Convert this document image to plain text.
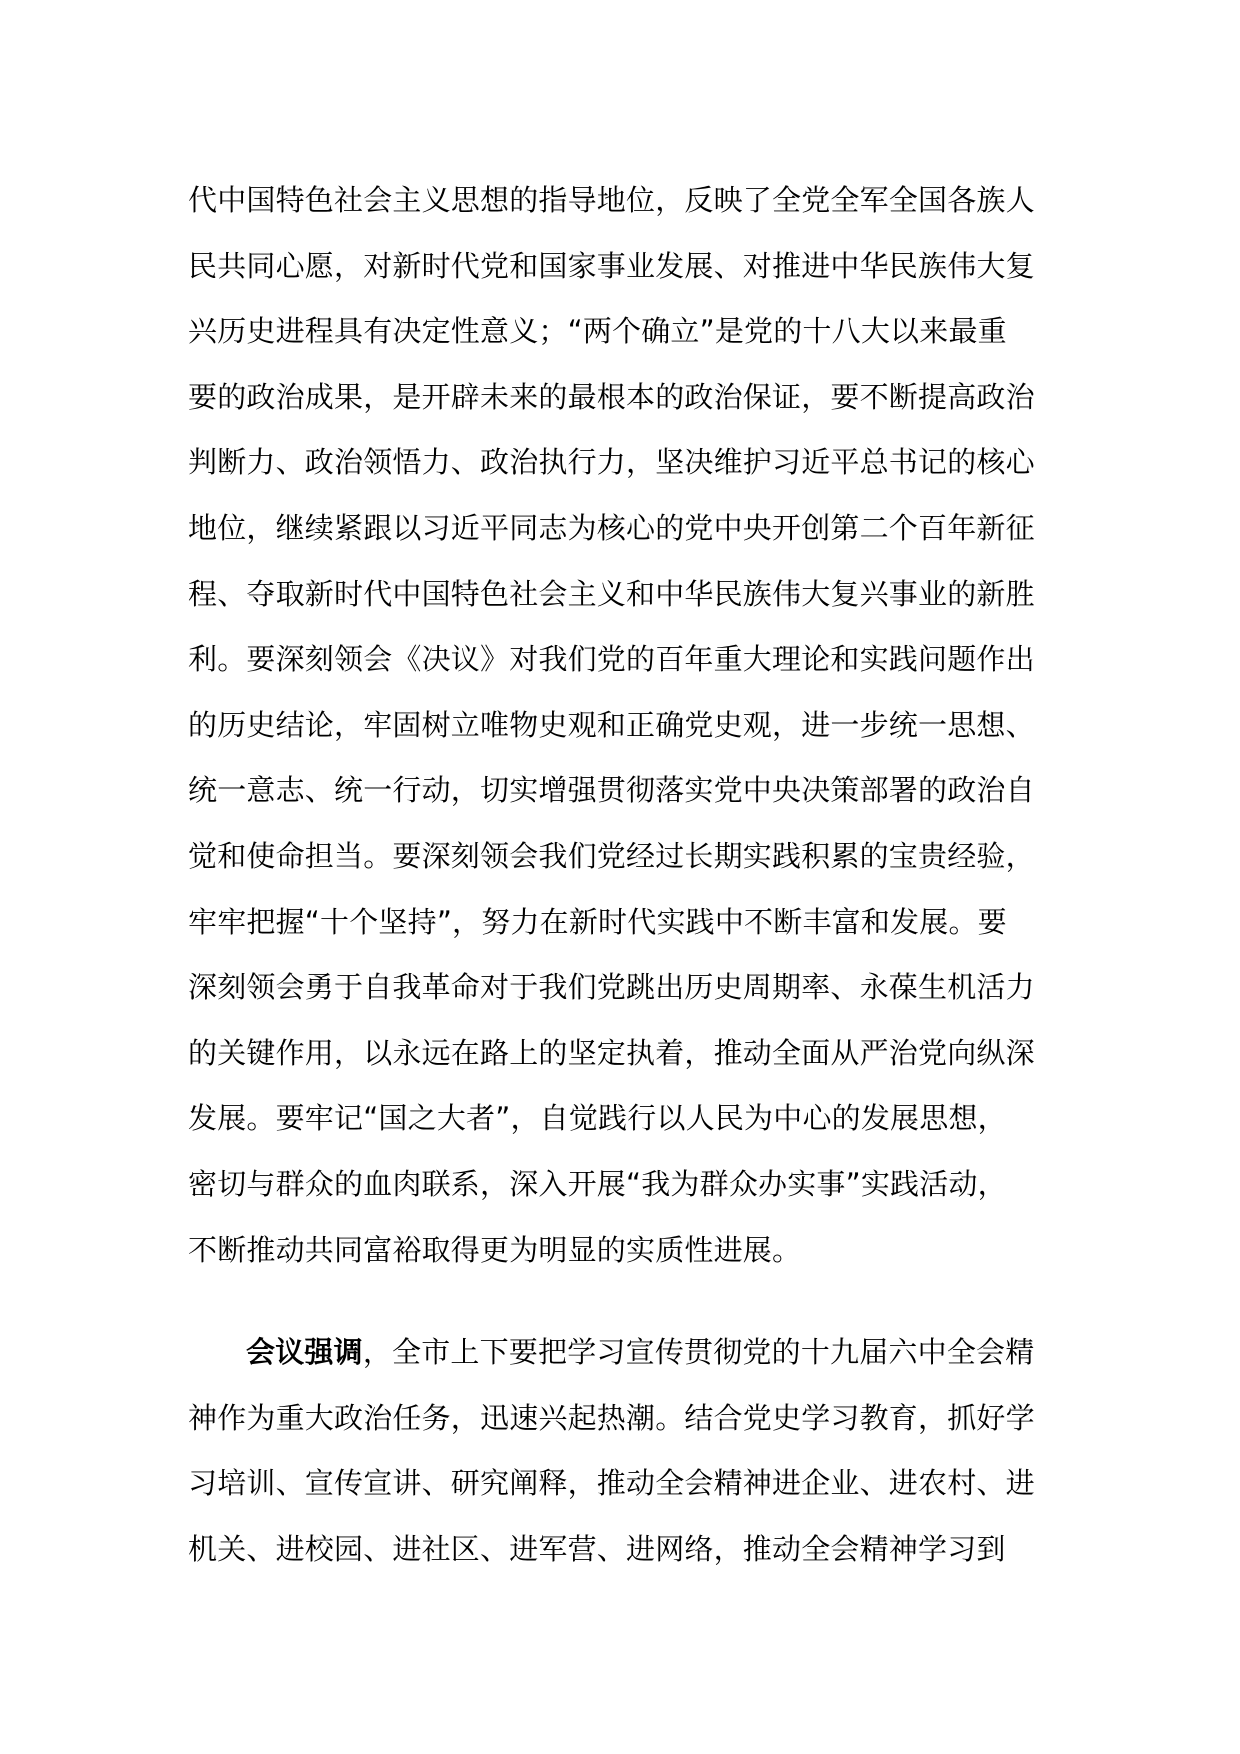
代中国特色社会主义思想的指导地位，反映了全党全军全国各族人
民共同心愿，对新时代党和国家事业发展、对推进中华民族伟大复
兴历史进程具有决定性意义；“两个确立”是党的十八大以来最重
要的政治成果，是开辟未来的最根本的政治保证，要不断提高政治
判断力、政治领悟力、政治执行力，坚决维护习近平总书记的核心
地位，继续紧跟以习近平同志为核心的党中央开创第二个百年新征
程、夺取新时代中国特色社会主义和中华民族伟大复兴事业的新胜
利。要深刻领会《决议》对我们党的百年重大理论和实践问题作出
的历史结论，牢固树立唯物史观和正确党史观，进一步统一思想、
统一意志、统一行动，切实增强贯彻落实党中央决策部署的政治自
觉和使命担当。要深刻领会我们党经过长期实践积累的宝贵经验，
牢牢把握“十个坚持”，努力在新时代实践中不断丰富和发展。要
深刻领会勇于自我革命对于我们党跳出历史周期率、永葆生机活力
的关键作用，以永远在路上的坚定执着，推动全面从严治党向纵深
发展。要牢记“国之大者”，自觉践行以人民为中心的发展思想，
密切与群众的血肉联系，深入开展“我为群众办实事”实践活动，
不断推动共同富裕取得更为明显的实质性进展。
会议强调，全市上下要把学习宣传贯彻党的十九届六中全会精
神作为重大政治任务，迅速兴起热潮。结合党史学习教育，抓好学
习培训、宣传宣讲、研究阐释，推动全会精神进企业、进农村、进
机关、进校园、进社区、进军营、进网络，推动全会精神学习到
